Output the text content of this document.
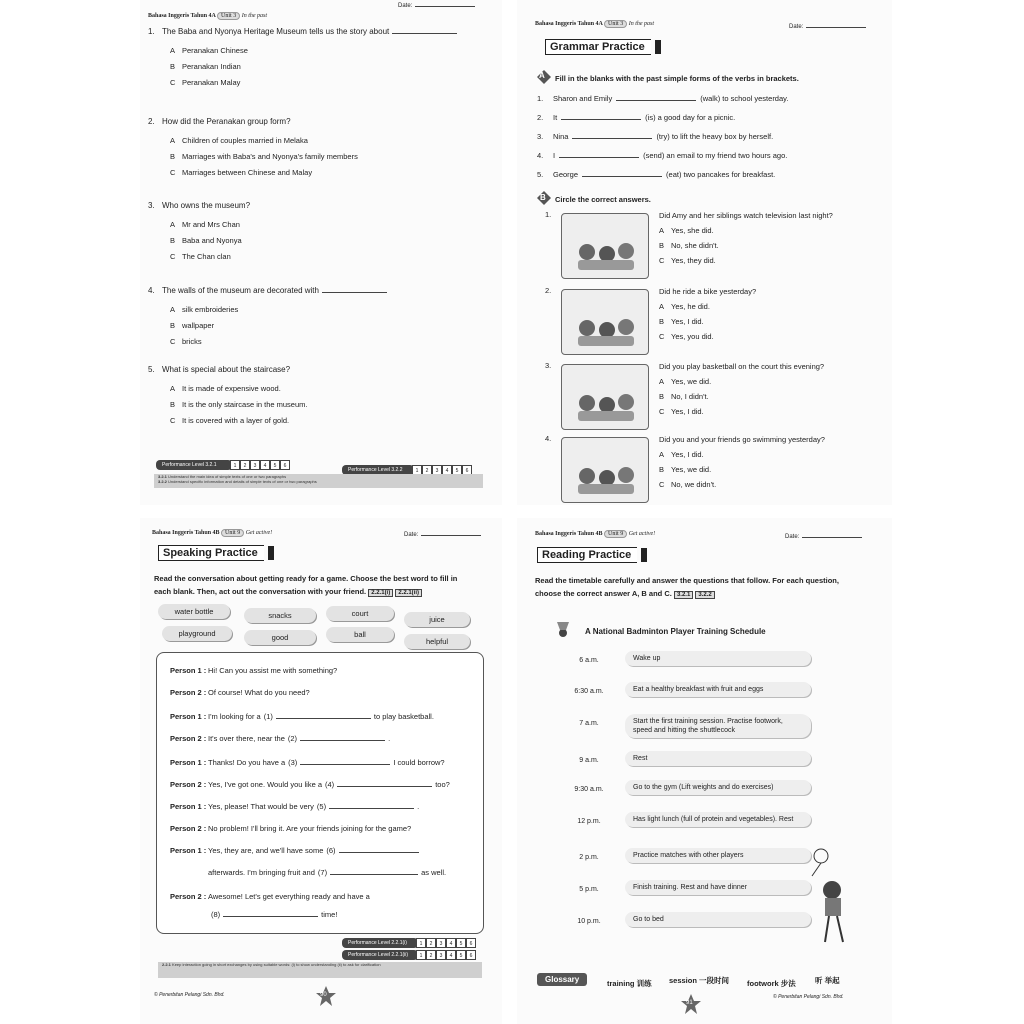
Bahasa Inggeris Tahun 4A Unit 3 In the past
Date:
1. The Baba and Nyonya Heritage Museum tells us the story about
A Peranakan Chinese
B Peranakan Indian
C Peranakan Malay
2. How did the Peranakan group form?
A Children of couples married in Melaka
B Marriages with Baba's and Nyonya's family members
C Marriages between Chinese and Malay
3. Who owns the museum?
A Mr and Mrs Chan
B Baba and Nyonya
C The Chan clan
4. The walls of the museum are decorated with
A silk embroideries
B wallpaper
C bricks
5. What is special about the staircase?
A It is made of expensive wood.
B It is the only staircase in the museum.
C It is covered with a layer of gold.
Performance Level 3.2.1	1	2	3	4	5	6
Performance Level 3.2.2	1	2	3	4	5	6
3.2.1 Understand the main idea of simple texts of one or two paragraphs
3.2.2 Understand specific information and details of simple texts of one or two paragraphs
Bahasa Inggeris Tahun 4A Unit 3 In the past	Date:
Grammar Practice
A Fill in the blanks with the past simple forms of the verbs in brackets.
1. Sharon and Emily	(walk) to school yesterday.
2. It	(is) a good day for a picnic.
3. Nina	(try) to lift the heavy box by herself.
4. I	(send) an email to my friend two hours ago.
5. George	(eat) two pancakes for breakfast.
B Circle the correct answers.
1.	Did Amy and her siblings watch television last night?
A Yes, she did.
B No, she didn't.
C Yes, they did.
2.	Did he ride a bike yesterday?
A Yes, he did.
B Yes, I did.
C Yes, you did.
3.	Did you play basketball on the court this evening?
A Yes, we did.
B No, I didn't.
C Yes, I did.
4.	Did you and your friends go swimming yesterday?
A Yes, I did.
B Yes, we did.
C No, we didn't.
Bahasa Inggeris Tahun 4B Unit 9 Get active!	Date:
Speaking Practice
Read the conversation about getting ready for a game. Choose the best word to fill in
each blank. Then, act out the conversation with your friend. 2.2.1(i) 2.2.1(ii)
water bottle	snacks	court
juice
playground	good	ball
helpful
Person 1 : Hi! Can you assist me with something?
Person 2 : Of course! What do you need?
Person 1 : I'm looking for a (1)	to play basketball.
Person 2 : It's over there, near the (2)	.
Person 1 : Thanks! Do you have a (3)	I could borrow?
Person 2 : Yes, I've got one. Would you like a (4)	too?
Person 1 : Yes, please! That would be very (5)	.
Person 2 : No problem! I'll bring it. Are your friends joining for the game?
Person 1 : Yes, they are, and we'll have some (6)
afterwards. I'm bringing fruit and (7)	as well.
Person 2 : Awesome! Let's get everything ready and have a
(8)	time!
Performance Level 2.2.1(i)	1	2	3	4	5	6
Performance Level 2.2.1(ii)	1	2	3	4	5	6
2.2.1 Keep interaction going in short exchanges by using suitable words: (i) to show understanding (ii) to ask for clarification
© Penerbitan Pelangi Sdn. Bhd.	90
Bahasa Inggeris Tahun 4B Unit 9 Get active!	Date:
Reading Practice
Read the timetable carefully and answer the questions that follow. For each question,
choose the correct answer A, B and C. 3.2.1 3.2.2
A National Badminton Player Training Schedule
6 a.m.	Wake up
6:30 a.m.	Eat a healthy breakfast with fruit and eggs
7 a.m.	Start the first training session. Practise footwork, speed and hitting the shuttlecock
9 a.m.	Rest
9:30 a.m.	Go to the gym (Lift weights and do exercises)
12 p.m.	Has light lunch (full of protein and vegetables). Rest
2 p.m.	Practice matches with other players
5 p.m.	Finish training. Rest and have dinner
10 p.m.	Go to bed
Glossary	training 训练 session 一段时间 footwork 步法	听 举起
91
© Penerbitan Pelangi Sdn. Bhd.
